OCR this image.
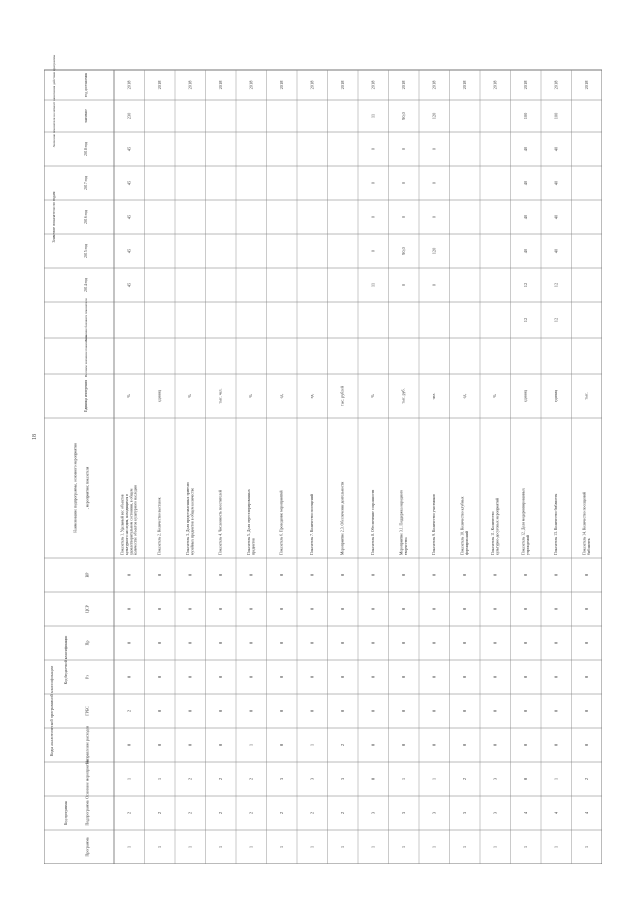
18
Программа
Подпрограмма
Основное мероприятие
Направление расходов
ГРБС
Рз
Пр
ЦСР
ВР
Коды аналитической программной классификации
Код программы
Код бюджетной классификации
Наименование подпрограммы, основного мероприятия , мероприятия; показателя
Единица измерения
Весовое значение показателя
Значение базового показателя
Значение показателя по годам
2014 год
2015 год
2016 год
2017 год
2018 год
Значение показателя на момент окончания действия программы	значение
год достижения
1
2
1
0
2
0
0
0
0
Показатель 1. Удельный вес объектов культурного наследия, находящихся в удовлетворительном состоянии, в общем количестве объектов культурного наследия
%
45
45
45
45
45
230
2018
1
2
1
0
0
0
0
0
0
Показатель 2. Количество выставок
единиц
2018
1
2
2
0
0
0
0
0
0
Показатель 3. Доля представленных зрителю музейных предметов в общем количестве
%
2018
1
2
2
0
0
0
0
0
0
Показатель 4. Численность посетителей
тыс. чел.
2018
1
2
2
1
0
0
0
0
0
Показатель 5. Доля отреставрированных предметов
%
2018
1
2
3
0
0
0
0
0
0
Показатель 6. Проведение мероприятий
ед.
2018
1
2
3
1
0
0
0
0
0
Показатель 7. Количество посещений
ед.
2018
1
2
3
2
0
0
0
0
0
Мероприятие 2.3. Обеспечение деятельности
тыс. рублей
2018
1
3
0
0
0
0
0
0
0
Показатель 8. Обеспечение сохранности
%
11
0
0
0
0
11
2018
1
3
1
0
0
0
0
0
0
Мероприятие 3.1. Поддержка народного творчества
тыс. руб.
0
90,0
0
0
0
90,0
2018
1
3
1
0
0
0
0
0
0
Показатель 9. Количество участников
чел.
0
120
0
0
0
120
2018
1
3
2
0
0
0
0
0
0
Показатель 10. Количество клубных формирований
ед.
2018
1
3
3
0
0
0
0
0
0
Показатель 11. Количество культурно-досуговых мероприятий
%
2018
1
4
0
0
0
0
0
0
0
Показатель 12. Доля модернизированных учреждений
единиц
12
12
40
40
40
40
100
2018
1
4
1
0
0
0
0
0
0
Показатель 13. Количество библиотек
единиц
12
12
40
40
40
40
100
2018
1
4
2
0
0
0
0
0
0
Показатель 14. Количество посещений библиотек
тыс.
2018
